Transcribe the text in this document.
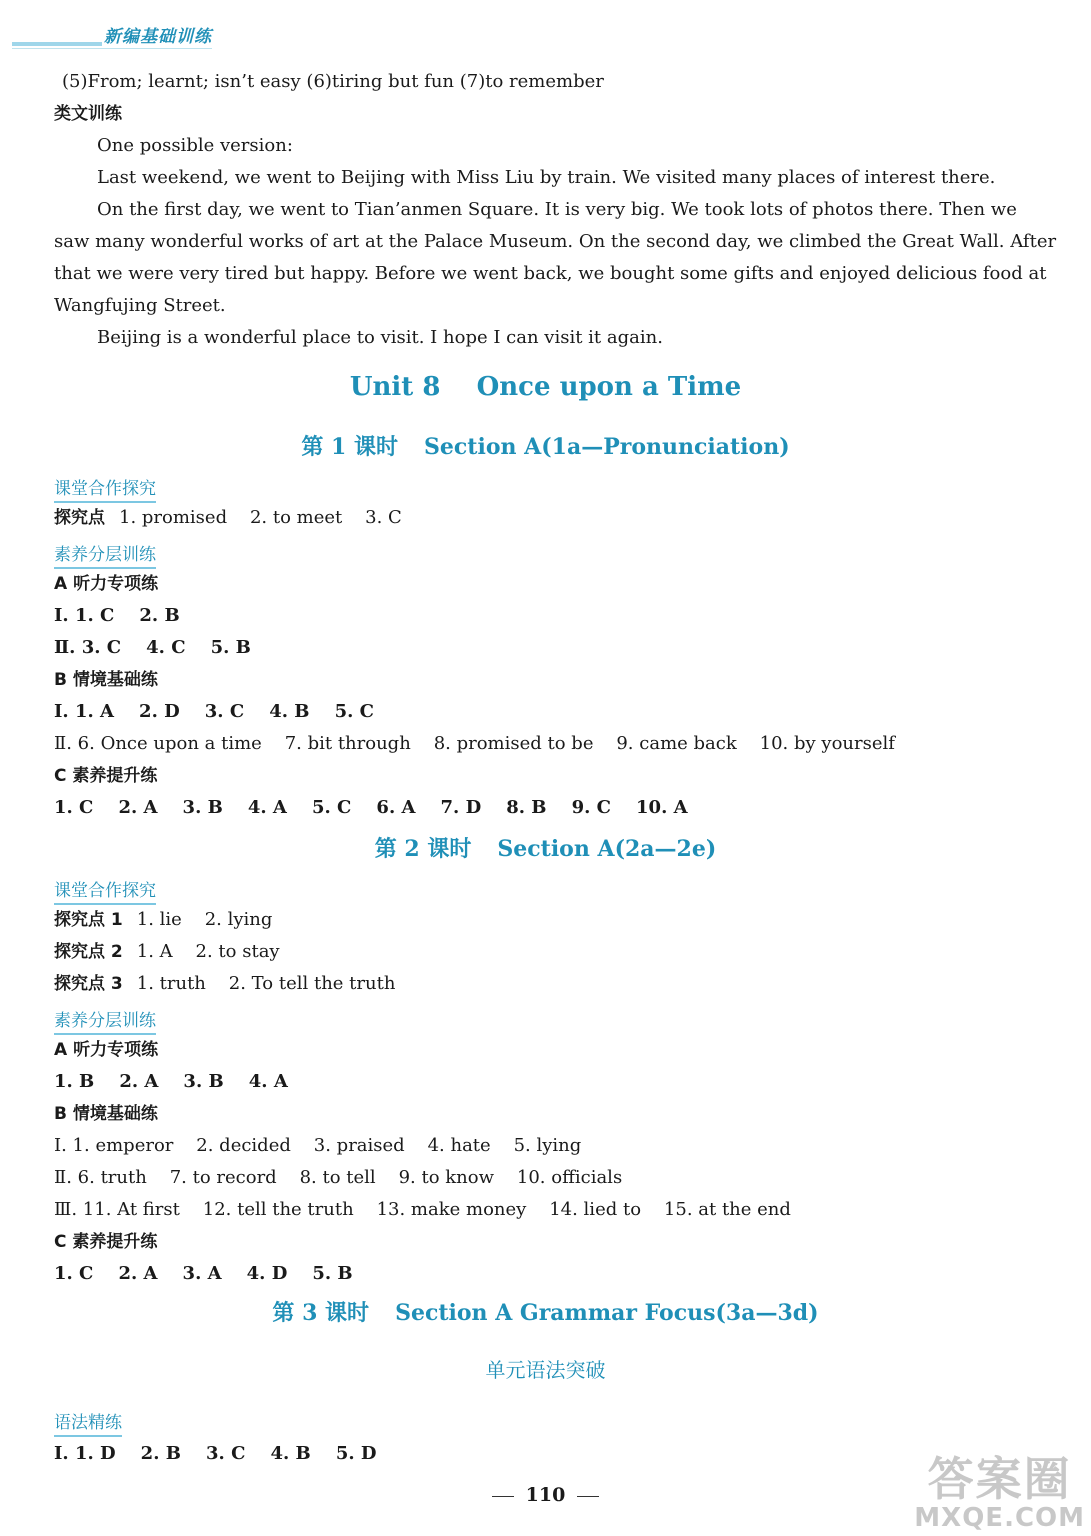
新编基础训练
(5)From; learnt; isn’t easy (6)tiring but fun (7)to remember
类文训练
One possible version:
Last weekend, we went to Beijing with Miss Liu by train. We visited many places of interest there.
On the first day, we went to Tian’anmen Square. It is very big. We took lots of photos there. Then we
saw many wonderful works of art at the Palace Museum. On the second day, we climbed the Great Wall. After
that we were very tired but happy. Before we went back, we bought some gifts and enjoyed delicious food at
Wangfujing Street.
Beijing is a wonderful place to visit. I hope I can visit it again.
Unit 8    Once upon a Time
第 1 课时 Section A(1a—Pronunciation)
课堂合作探究
探究点 1. promised    2. to meet    3. C
素养分层训练
A 听力专项练
Ⅰ. 1. C    2. B
Ⅱ. 3. C    4. C    5. B
B 情境基础练
Ⅰ. 1. A    2. D    3. C    4. B    5. C
Ⅱ. 6. Once upon a time    7. bit through    8. promised to be    9. came back    10. by yourself
C 素养提升练
1. C    2. A    3. B    4. A    5. C    6. A    7. D    8. B    9. C    10. A
第 2 课时 Section A(2a—2e)
课堂合作探究
探究点 1 1. lie    2. lying
探究点 2 1. A    2. to stay
探究点 3 1. truth    2. To tell the truth
素养分层训练
A 听力专项练
1. B    2. A    3. B    4. A
B 情境基础练
Ⅰ. 1. emperor    2. decided    3. praised    4. hate    5. lying
Ⅱ. 6. truth    7. to record    8. to tell    9. to know    10. officials
Ⅲ. 11. At first    12. tell the truth    13. make money    14. lied to    15. at the end
C 素养提升练
1. C    2. A    3. A    4. D    5. B
第 3 课时 Section A Grammar Focus(3a—3d)
单元语法突破
语法精练
Ⅰ. 1. D    2. B    3. C    4. B    5. D
110	答案圈
MXQE.COM
